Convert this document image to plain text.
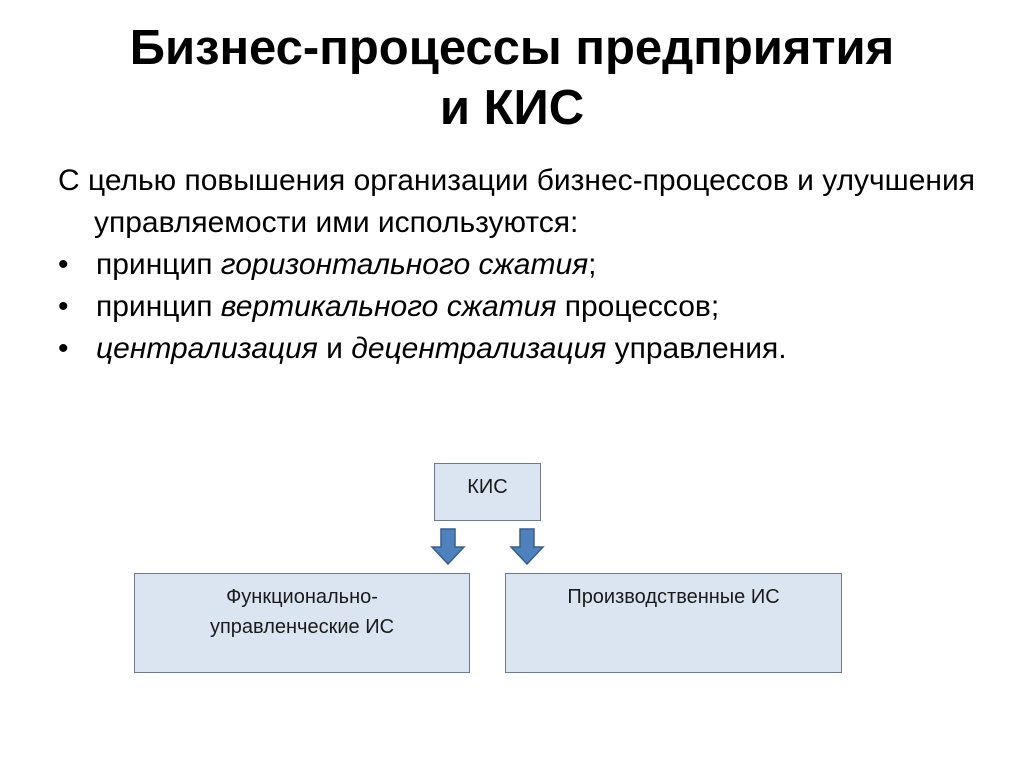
Бизнес-процессы предприятия
и КИС

С целью повышения организации бизнес-процессов и улучшения управляемости ими используются:

• принцип горизонтального сжатия;
• принцип вертикального сжатия процессов;
• централизация и децентрализация управления.
КИС
Функционально-
управленческие ИС
Производственные ИС
